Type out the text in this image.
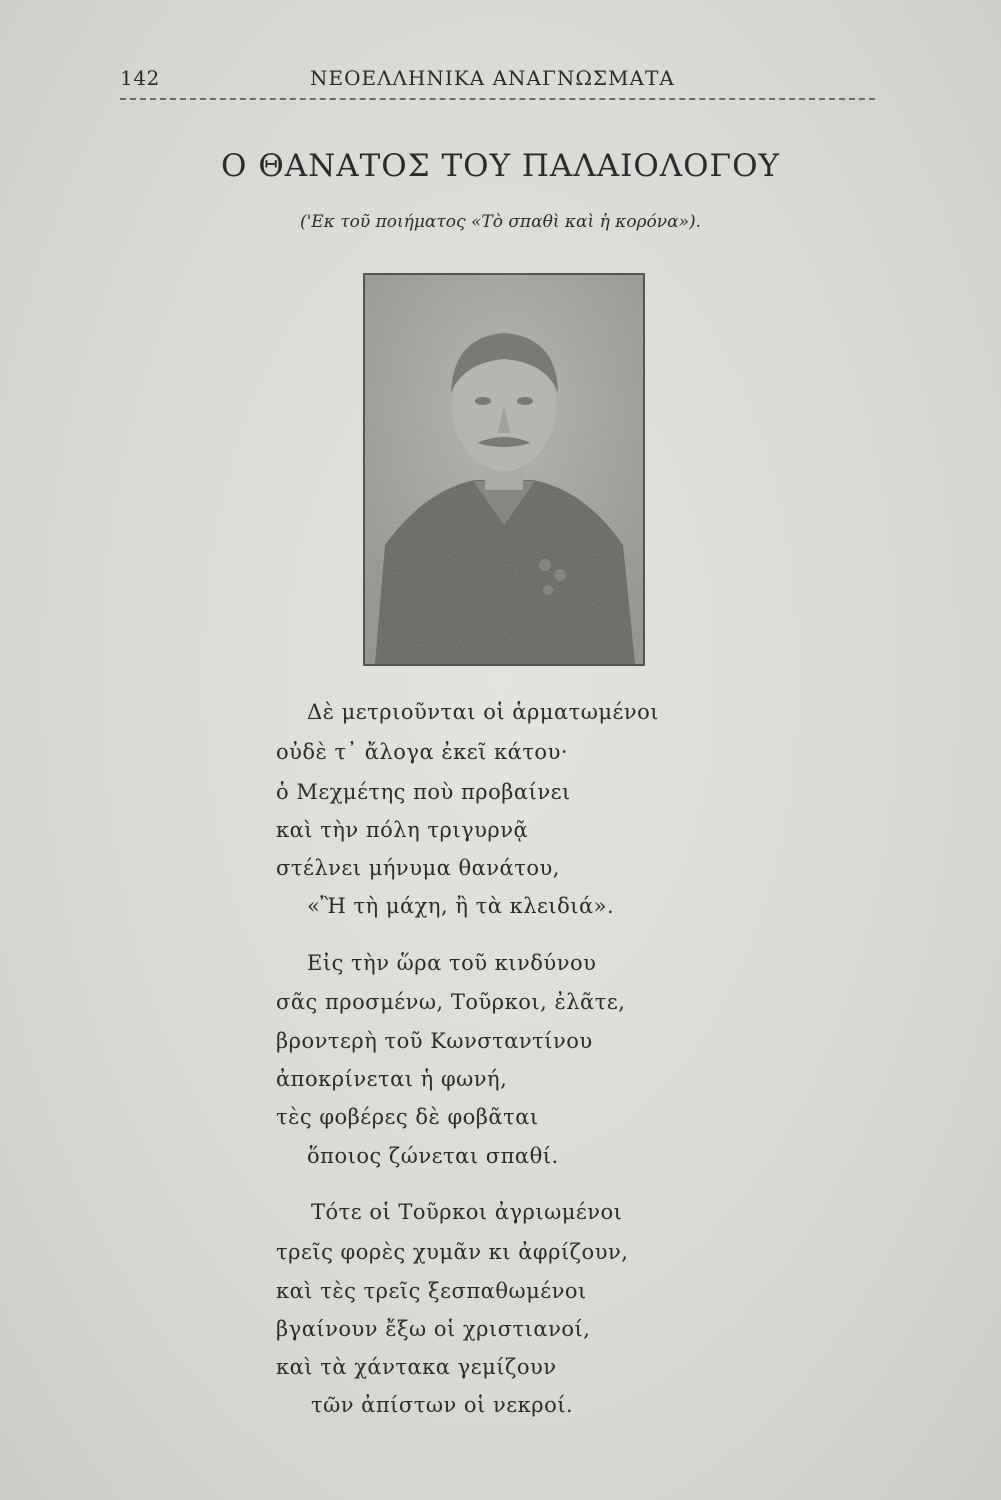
142	ΝΕΟΕΛΛΗΝΙΚΑ ΑΝΑΓΝΩΣΜΑΤΑ
Ο ΘΑΝΑΤΟΣ ΤΟΥ ΠΑΛΑΙΟΛΟΓΟΥ
('Εκ τοῦ ποιήματος «Τὸ σπαθὶ καὶ ἡ κορόνα»).
Δὲ μετριοῦνται οἱ ἁρματωμένοι
οὐδὲ τ᾽ ἄλογα ἐκεῖ κάτου·
ὁ Μεχμέτης ποὺ προβαίνει
καὶ τὴν πόλη τριγυρνᾷ
στέλνει μήνυμα θανάτου,
«Ἢ τὴ μάχη, ἢ τὰ κλειδιά».
Εἰς τὴν ὥρα τοῦ κινδύνου
σᾶς προσμένω, Τοῦρκοι, ἐλᾶτε,
βροντερὴ τοῦ Κωνσταντίνου
ἀποκρίνεται ἡ φωνή,
τὲς φοβέρες δὲ φοβᾶται
ὅποιος ζώνεται σπαθί.
Τότε οἱ Τοῦρκοι ἀγριωμένοι
τρεῖς φορὲς χυμᾶν κι ἀφρίζουν,
καὶ τὲς τρεῖς ξεσπαθωμένοι
βγαίνουν ἔξω οἱ χριστιανοί,
καὶ τὰ χάντακα γεμίζουν
τῶν ἀπίστων οἱ νεκροί.
